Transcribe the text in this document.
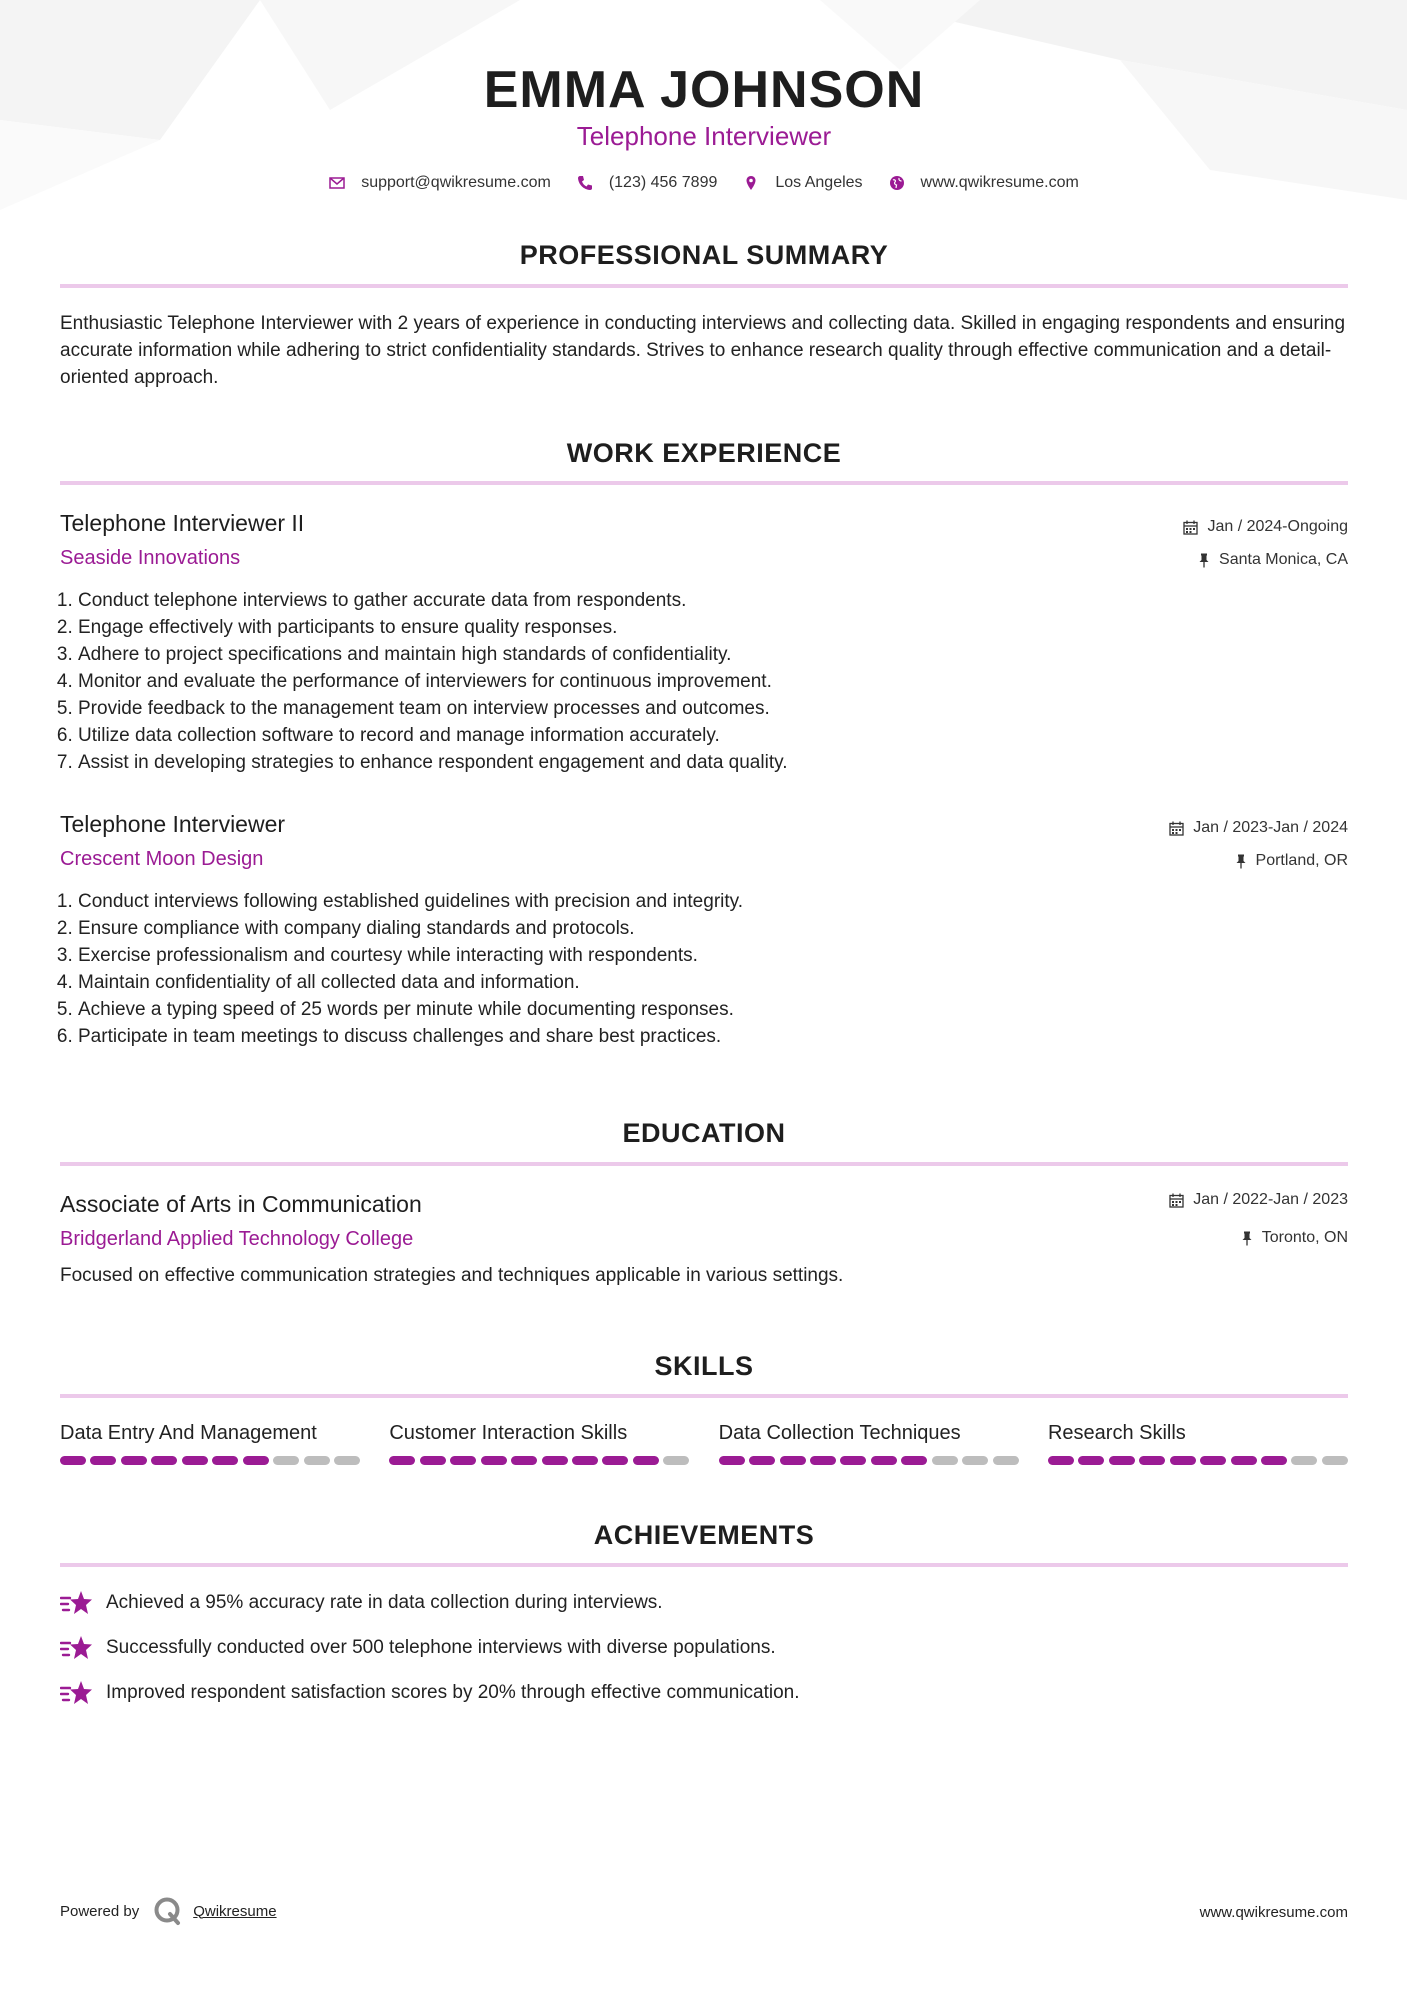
EMMA JOHNSON
Telephone Interviewer
support@qwikresume.com	(123) 456 7899	Los Angeles	www.qwikresume.com
PROFESSIONAL SUMMARY
Enthusiastic Telephone Interviewer with 2 years of experience in conducting interviews and collecting data. Skilled in engaging respondents and ensuring accurate information while adhering to strict confidentiality standards. Strives to enhance research quality through effective communication and a detail-oriented approach.
WORK EXPERIENCE
Telephone Interviewer II
Seaside Innovations
Jan / 2024-Ongoing
Santa Monica, CA
1. Conduct telephone interviews to gather accurate data from respondents.
2. Engage effectively with participants to ensure quality responses.
3. Adhere to project specifications and maintain high standards of confidentiality.
4. Monitor and evaluate the performance of interviewers for continuous improvement.
5. Provide feedback to the management team on interview processes and outcomes.
6. Utilize data collection software to record and manage information accurately.
7. Assist in developing strategies to enhance respondent engagement and data quality.
Telephone Interviewer
Crescent Moon Design
Jan / 2023-Jan / 2024
Portland, OR
1. Conduct interviews following established guidelines with precision and integrity.
2. Ensure compliance with company dialing standards and protocols.
3. Exercise professionalism and courtesy while interacting with respondents.
4. Maintain confidentiality of all collected data and information.
5. Achieve a typing speed of 25 words per minute while documenting responses.
6. Participate in team meetings to discuss challenges and share best practices.
EDUCATION
Associate of Arts in Communication
Bridgerland Applied Technology College
Jan / 2022-Jan / 2023
Toronto, ON
Focused on effective communication strategies and techniques applicable in various settings.
SKILLS
Data Entry And Management	Customer Interaction Skills	Data Collection Techniques	Research Skills
ACHIEVEMENTS
Achieved a 95% accuracy rate in data collection during interviews.
Successfully conducted over 500 telephone interviews with diverse populations.
Improved respondent satisfaction scores by 20% through effective communication.
Powered by	Qwikresume	www.qwikresume.com
